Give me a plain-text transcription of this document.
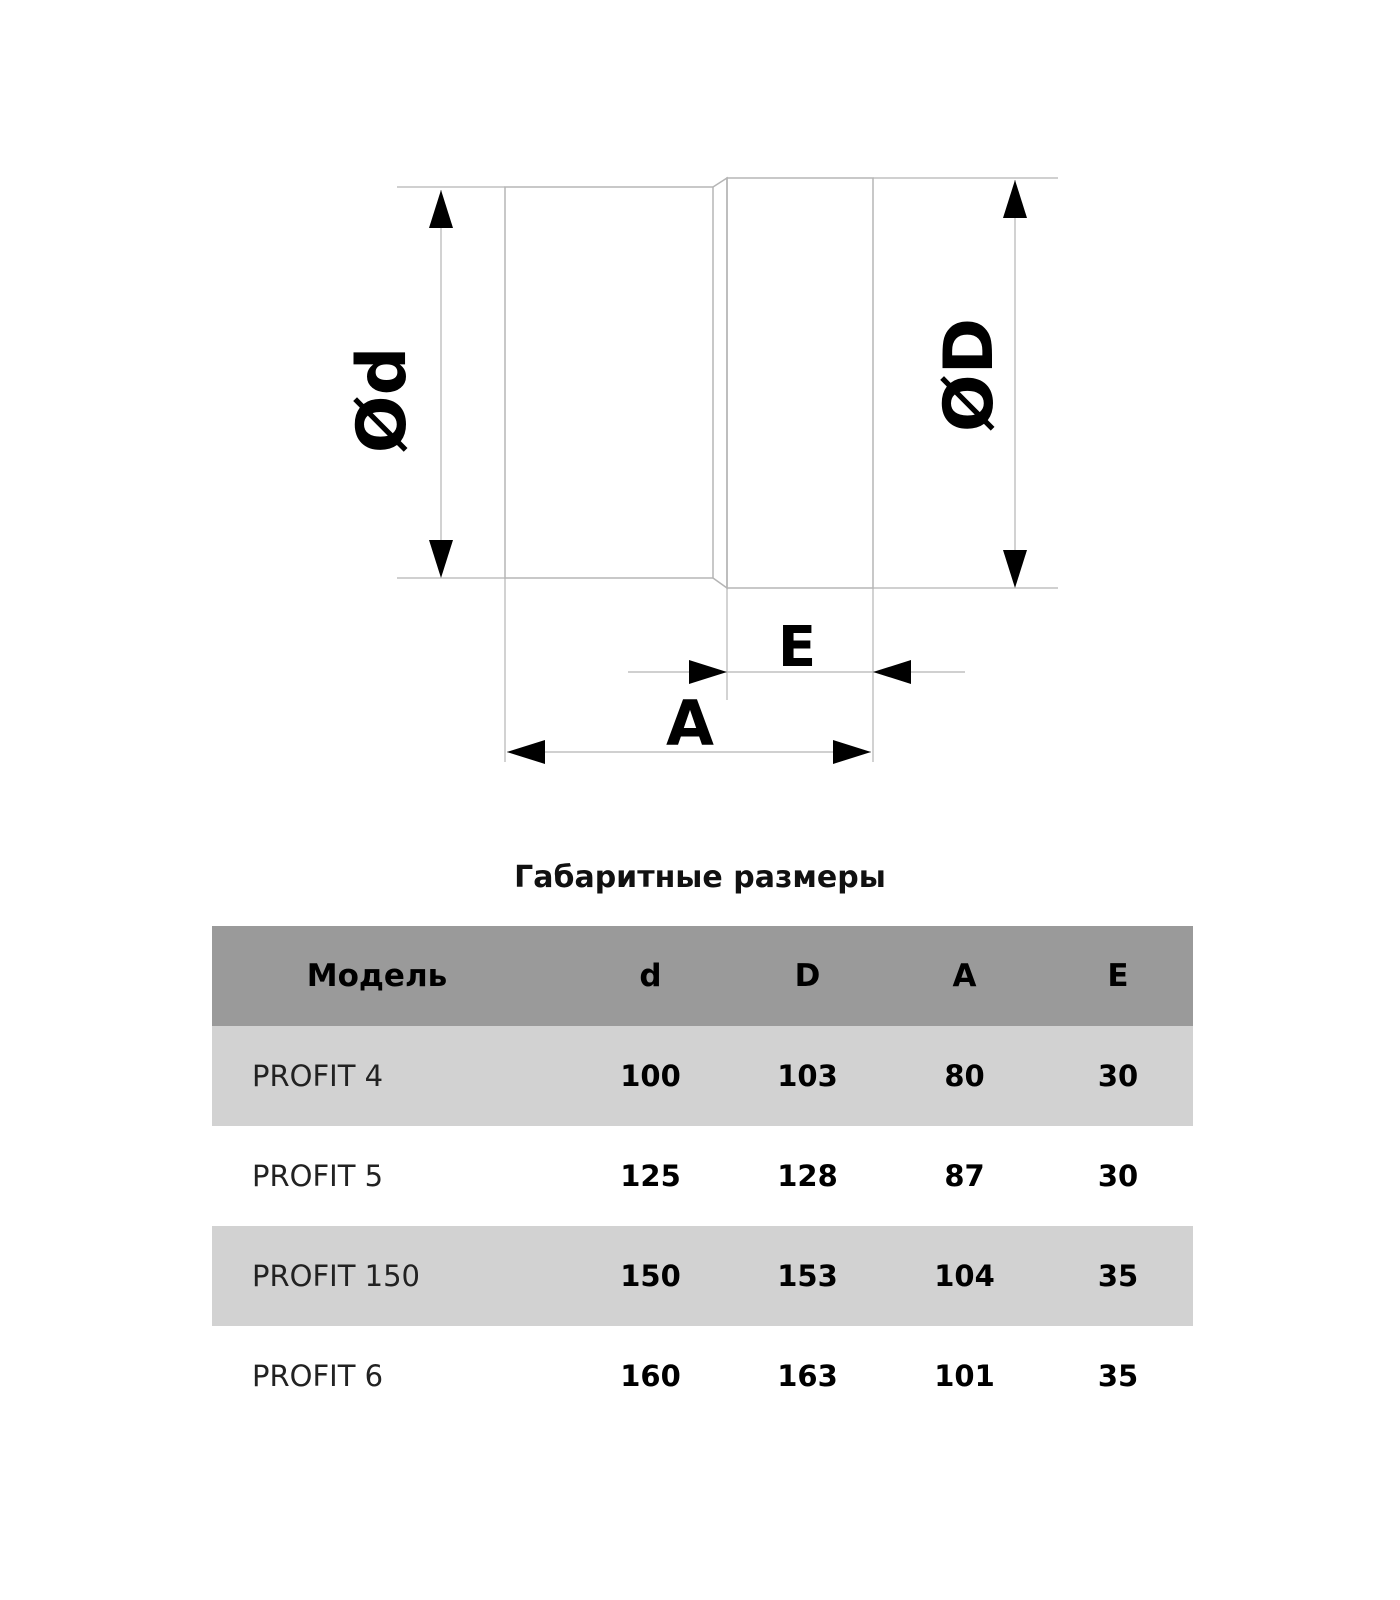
Ød	ØD
A
E
Габаритные размеры
Модель	d	D	A	E
PROFIT 4	100	103	80	30
PROFIT 5	125	128	87	30
PROFIT 150	150	153	104	35
PROFIT 6	160	163	101	35
